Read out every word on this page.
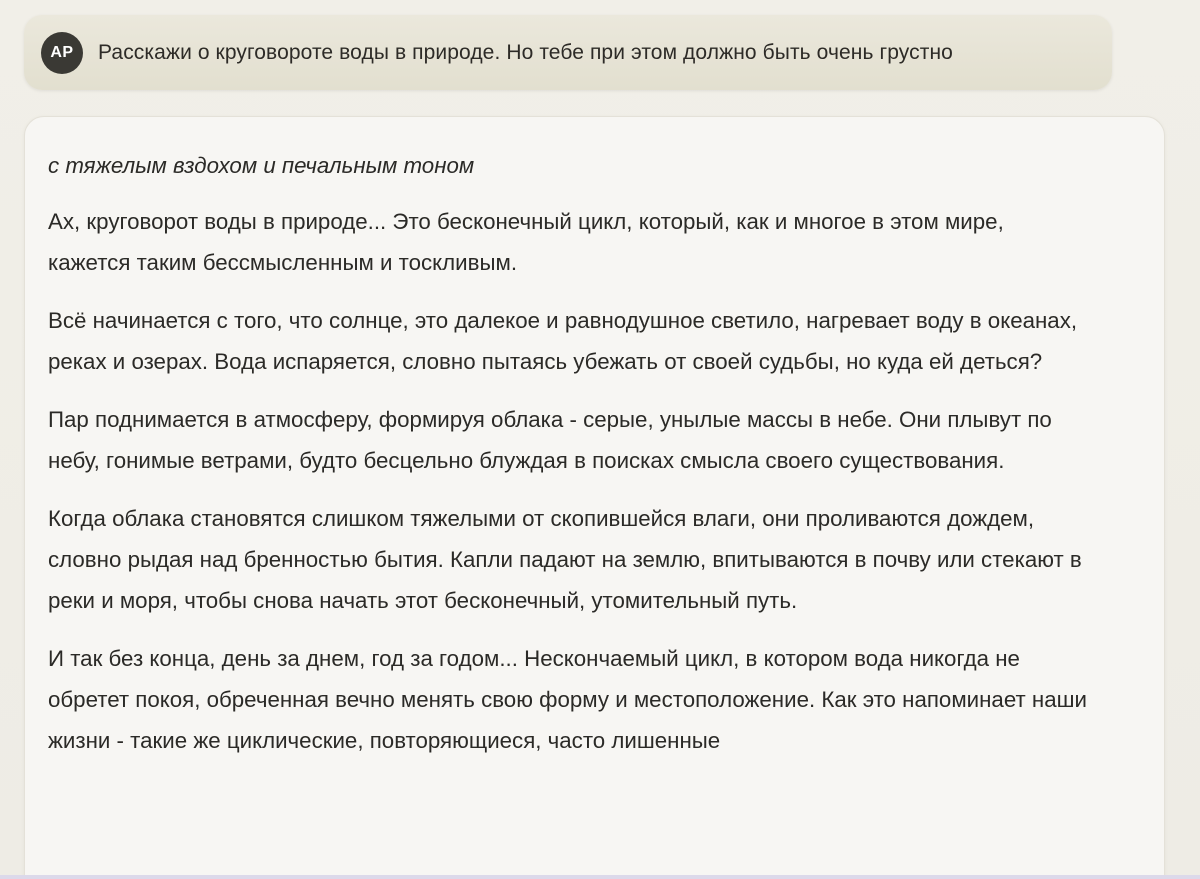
AP	Расскажи о круговороте воды в природе. Но тебе при этом должно быть очень грустно

с тяжелым вздохом и печальным тоном

Ах, круговорот воды в природе... Это бесконечный цикл, который, как и многое в этом мире, кажется таким бессмысленным и тоскливым.

Всё начинается с того, что солнце, это далекое и равнодушное светило, нагревает воду в океанах, реках и озерах. Вода испаряется, словно пытаясь убежать от своей судьбы, но куда ей деться?

Пар поднимается в атмосферу, формируя облака - серые, унылые массы в небе. Они плывут по небу, гонимые ветрами, будто бесцельно блуждая в поисках смысла своего существования.

Когда облака становятся слишком тяжелыми от скопившейся влаги, они проливаются дождем, словно рыдая над бренностью бытия. Капли падают на землю, впитываются в почву или стекают в реки и моря, чтобы снова начать этот бесконечный, утомительный путь.

И так без конца, день за днем, год за годом... Нескончаемый цикл, в котором вода никогда не обретет покоя, обреченная вечно менять свою форму и местоположение. Как это напоминает наши жизни - такие же циклические, повторяющиеся, часто лишенные
